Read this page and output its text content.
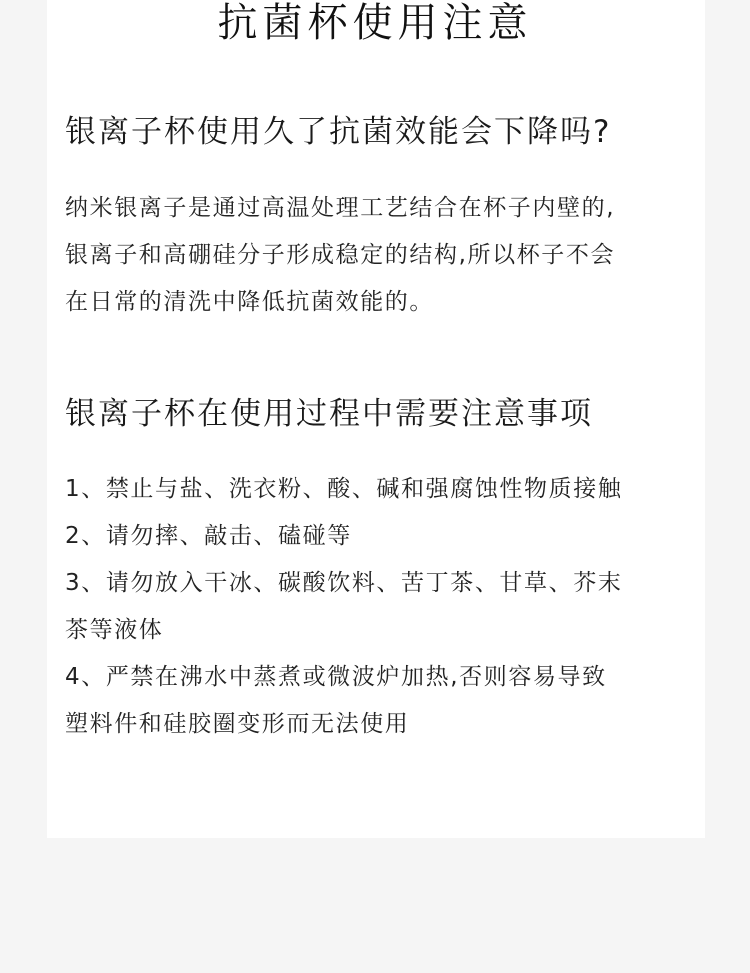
抗菌杯使用注意
银离子杯使用久了抗菌效能会下降吗?

纳米银离子是通过高温处理工艺结合在杯子内壁的,
银离子和高硼硅分子形成稳定的结构,所以杯子不会
在日常的清洗中降低抗菌效能的。

银离子杯在使用过程中需要注意事项
1、禁止与盐、洗衣粉、酸、碱和强腐蚀性物质接触
2、请勿摔、敲击、磕碰等
3、请勿放入干冰、碳酸饮料、苦丁茶、甘草、芥末
茶等液体
4、严禁在沸水中蒸煮或微波炉加热,否则容易导致
塑料件和硅胶圈变形而无法使用
